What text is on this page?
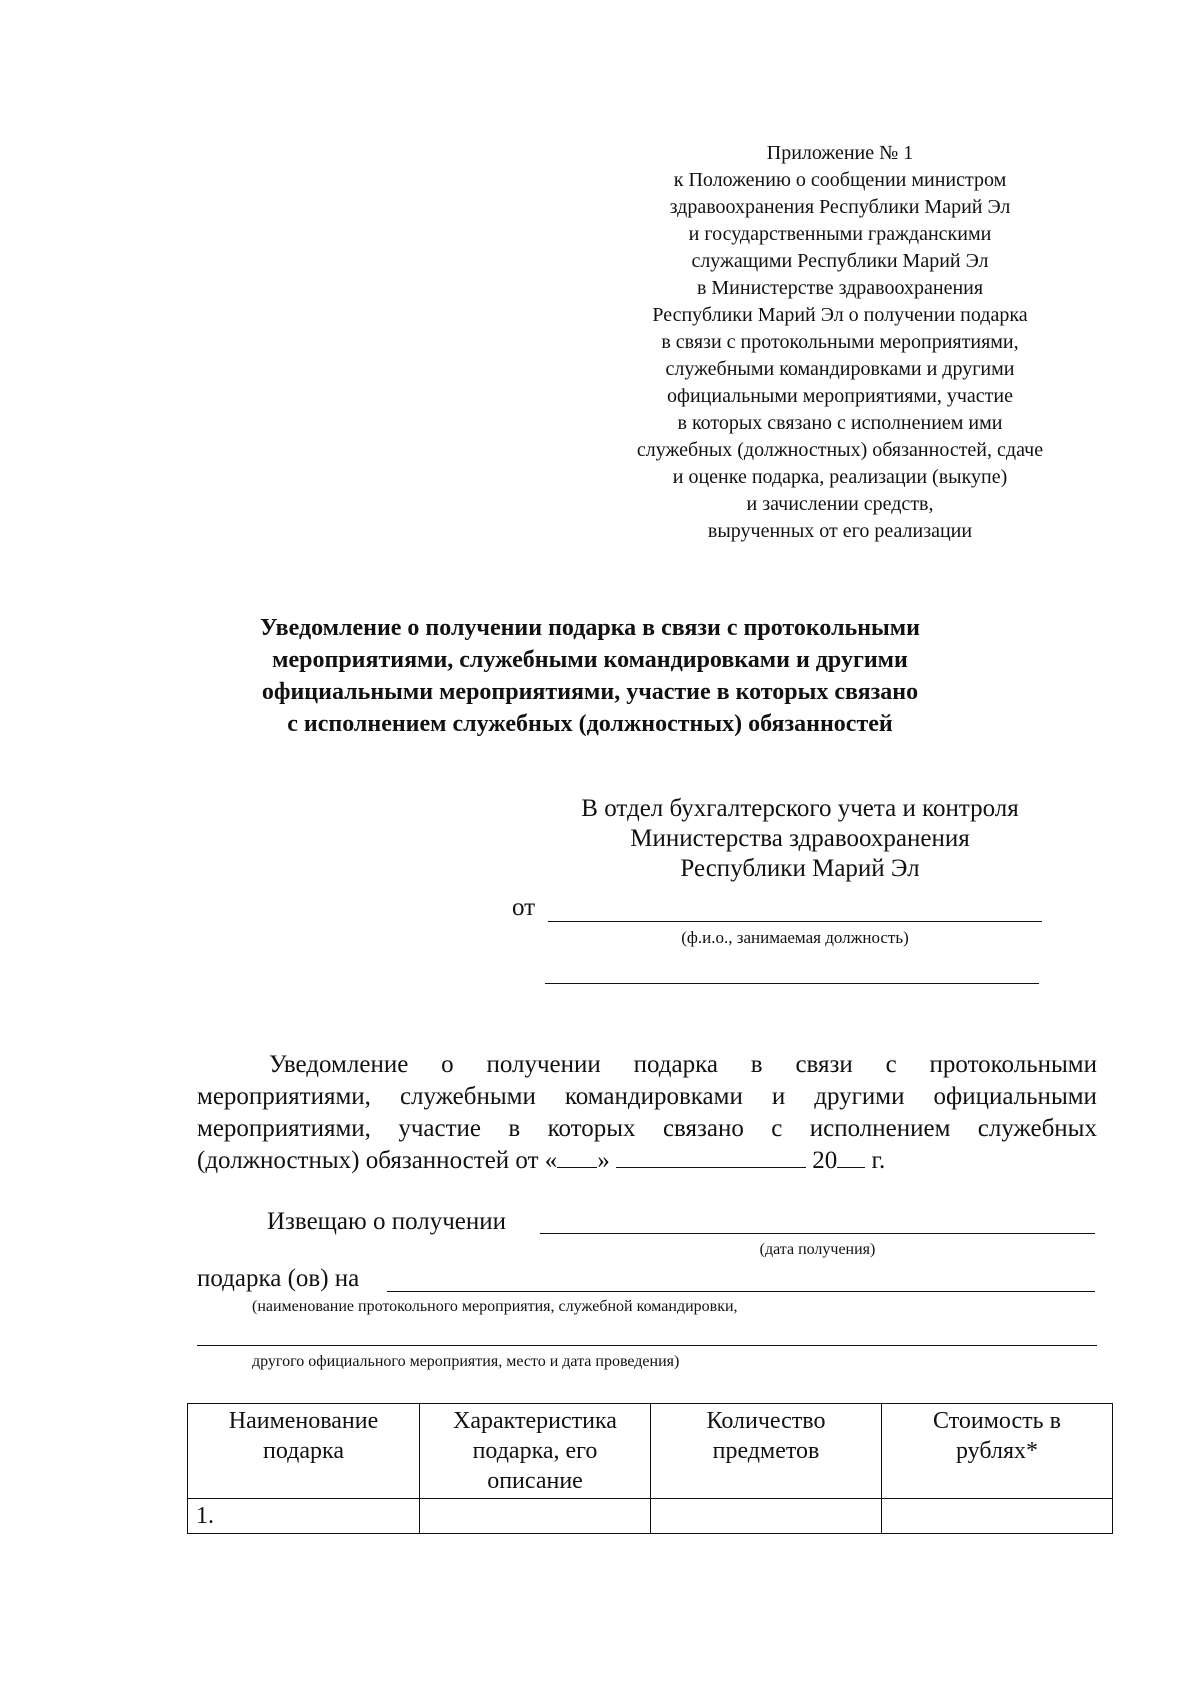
Приложение № 1
к Положению о сообщении министром
здравоохранения Республики Марий Эл
и государственными гражданскими
служащими Республики Марий Эл
в Министерстве здравоохранения
Республики Марий Эл о получении подарка
в связи с протокольными мероприятиями,
служебными командировками и другими
официальными мероприятиями, участие
в которых связано с исполнением ими
служебных (должностных) обязанностей, сдаче
и оценке подарка, реализации (выкупе)
и зачислении средств,
вырученных от его реализации
Уведомление о получении подарка в связи с протокольными
мероприятиями, служебными командировками и другими
официальными мероприятиями, участие в которых связано
с исполнением служебных (должностных) обязанностей
В отдел бухгалтерского учета и контроля
Министерства здравоохранения
Республики Марий Эл
от
(ф.и.о., занимаемая должность)
Уведомление о получении подарка в связи с протокольными
мероприятиями, служебными командировками и другими официальными
мероприятиями, участие в которых связано с исполнением служебных
(должностных) обязанностей от « »	20 г.
Извещаю о получении
(дата получения)
подарка (ов) на
(наименование протокольного мероприятия, служебной командировки,
другого официального мероприятия, место и дата проведения)
Наименование подарка	Характеристика подарка, его описание	Количество предметов	Стоимость в рублях*
1.			
